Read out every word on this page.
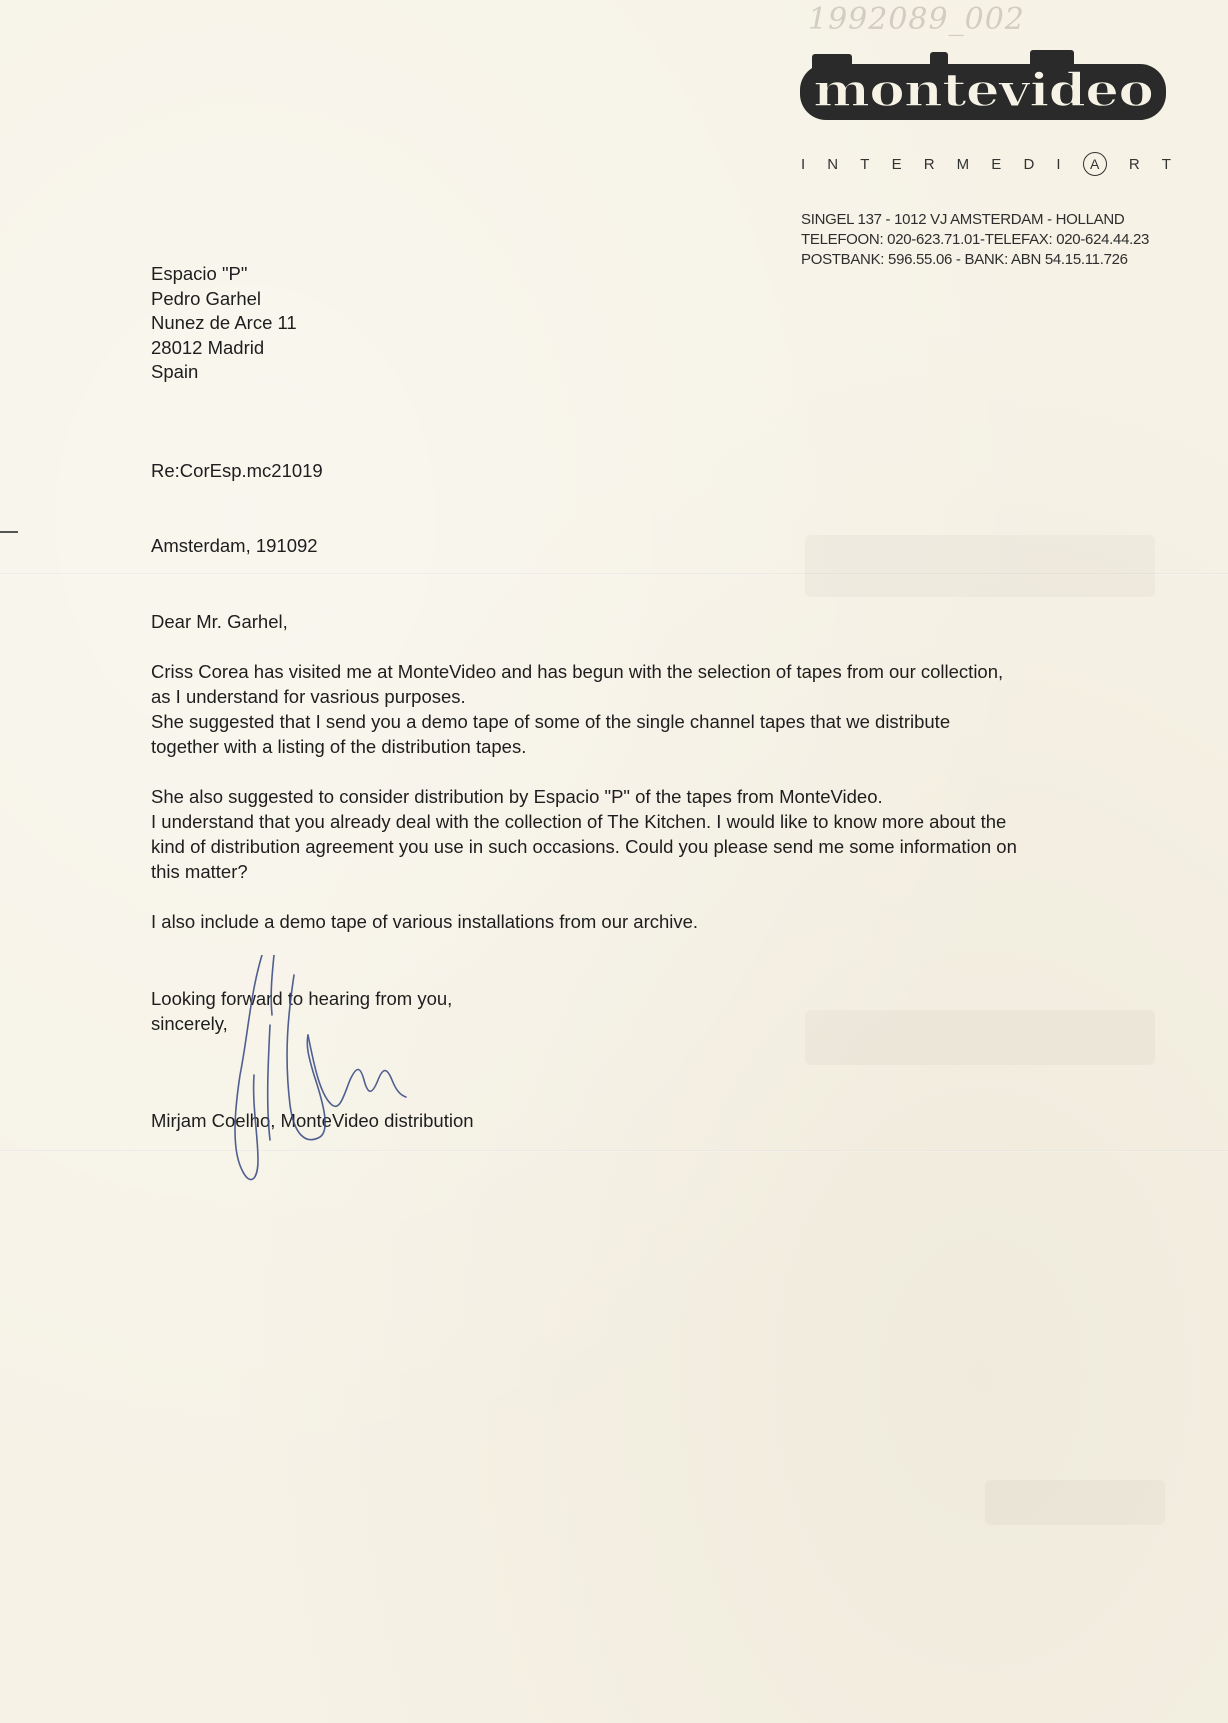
1992089_002
montevideo
I N T E R M E D I	A	R T
SINGEL 137 - 1012 VJ AMSTERDAM - HOLLAND
TELEFOON: 020-623.71.01-TELEFAX: 020-624.44.23
POSTBANK: 596.55.06 - BANK: ABN 54.15.11.726
Espacio "P"
Pedro Garhel
Nunez de Arce 11
28012 Madrid
Spain
Re:CorEsp.mc21019
Amsterdam, 191092
Dear Mr. Garhel,
Criss Corea has visited me at MonteVideo and has begun with the selection of tapes from our collection,
as I understand for vasrious purposes.
She suggested that I send you a demo tape of some of the single channel tapes that we distribute
together with a listing of the distribution tapes.
She also suggested to consider distribution by Espacio "P" of the tapes from MonteVideo.
I understand that you already deal with the collection of The Kitchen. I would like to know more about the
kind of distribution agreement you use in such occasions. Could you please send me some information on
this matter?
I also include a demo tape of various installations from our archive.
Looking forward to hearing from you,
sincerely,
Mirjam Coelho, MonteVideo distribution
